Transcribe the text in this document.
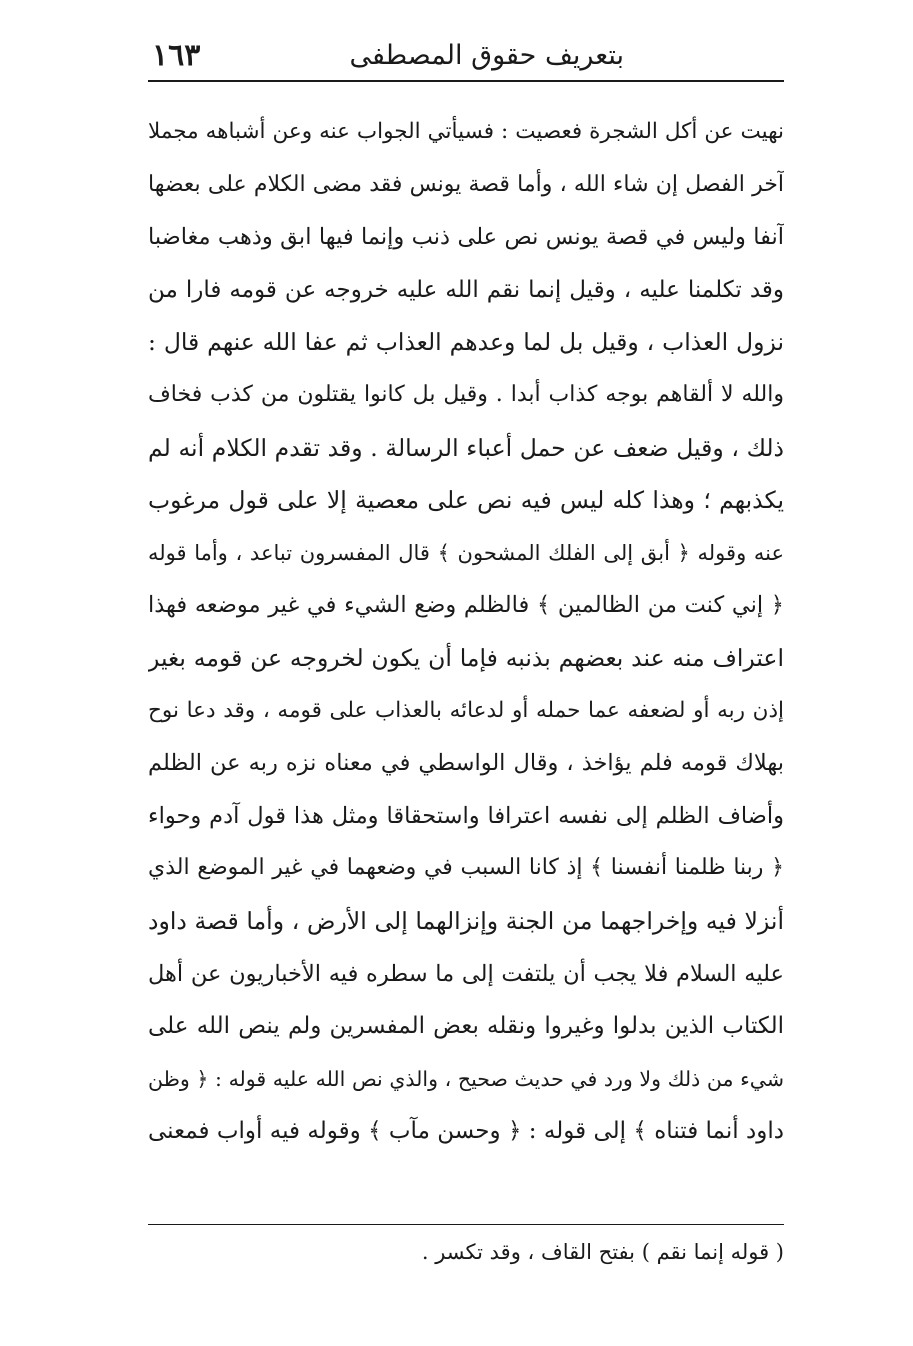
بتعريف حقوق المصطفى
١٦٣
نهيت عن أكل الشجرة فعصيت : فسيأتي الجواب عنه وعن أشباهه مجملا
آخر الفصل إن شاء الله ، وأما قصة يونس فقد مضى الكلام على بعضها
آنفا وليس في قصة يونس نص على ذنب وإنما فيها ابق وذهب مغاضبا
وقد تكلمنا عليه ، وقيل إنما نقم الله عليه خروجه عن قومه فارا من
نزول العذاب ، وقيل بل لما وعدهم العذاب ثم عفا الله عنهم قال :
والله لا ألقاهم بوجه كذاب أبدا . وقيل بل كانوا يقتلون من كذب فخاف
ذلك ، وقيل ضعف عن حمل أعباء الرسالة . وقد تقدم الكلام أنه لم
يكذبهم ؛ وهذا كله ليس فيه نص على معصية إلا على قول مرغوب
عنه وقوله ﴿ أبق إلى الفلك المشحون ﴾ قال المفسرون تباعد ، وأما قوله
﴿ إني كنت من الظالمين ﴾ فالظلم وضع الشيء في غير موضعه فهذا
اعتراف منه عند بعضهم بذنبه فإما أن يكون لخروجه عن قومه بغير
إذن ربه أو لضعفه عما حمله أو لدعائه بالعذاب على قومه ، وقد دعا نوح
بهلاك قومه فلم يؤاخذ ، وقال الواسطي في معناه نزه ربه عن الظلم
وأضاف الظلم إلى نفسه اعترافا واستحقاقا ومثل هذا قول آدم وحواء
﴿ ربنا ظلمنا أنفسنا ﴾ إذ كانا السبب في وضعهما في غير الموضع الذي
أنزلا فيه وإخراجهما من الجنة وإنزالهما إلى الأرض ، وأما قصة داود
عليه السلام فلا يجب أن يلتفت إلى ما سطره فيه الأخباريون عن أهل
الكتاب الذين بدلوا وغيروا ونقله بعض المفسرين ولم ينص الله على
شيء من ذلك ولا ورد في حديث صحيح ، والذي نص الله عليه قوله : ﴿ وظن
داود أنما فتناه ﴾ إلى قوله : ﴿ وحسن مآب ﴾ وقوله فيه أواب فمعنى
( قوله إنما نقم ) بفتح القاف ، وقد تكسر .
